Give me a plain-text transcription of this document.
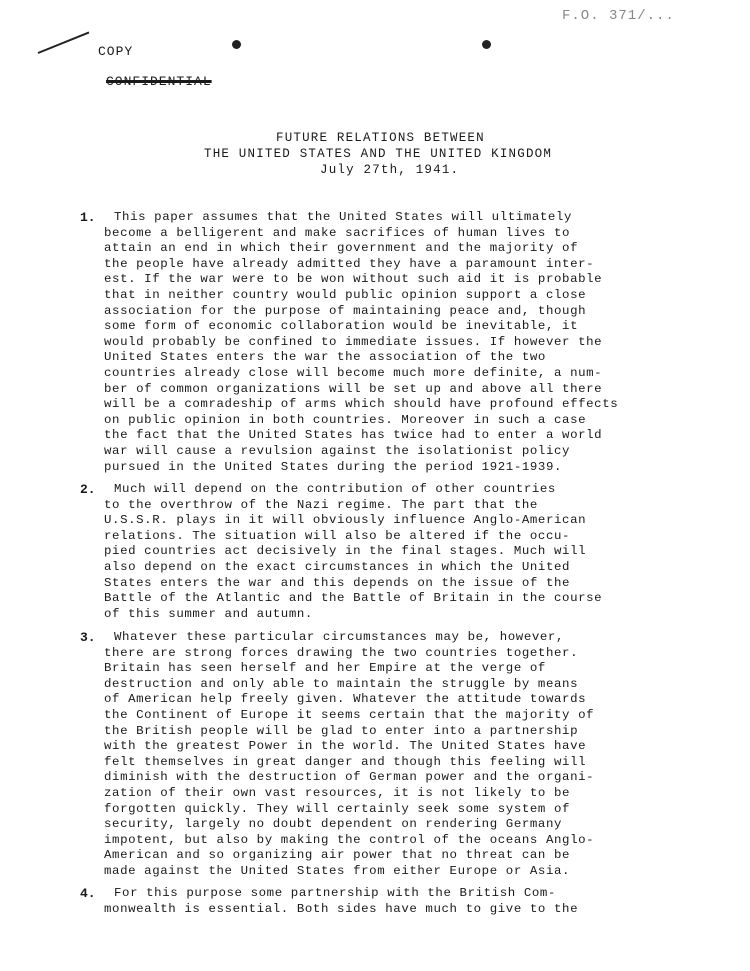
F.O. 371/...
COPY
CONFIDENTIAL
FUTURE RELATIONS BETWEEN
THE UNITED STATES AND THE UNITED KINGDOM
July 27th, 1941.
1. This paper assumes that the United States will ultimately
become a belligerent and make sacrifices of human lives to
attain an end in which their government and the majority of
the people have already admitted they have a paramount inter-
est. If the war were to be won without such aid it is probable
that in neither country would public opinion support a close
association for the purpose of maintaining peace and, though
some form of economic collaboration would be inevitable, it
would probably be confined to immediate issues. If however the
United States enters the war the association of the two
countries already close will become much more definite, a num-
ber of common organizations will be set up and above all there
will be a comradeship of arms which should have profound effects
on public opinion in both countries. Moreover in such a case
the fact that the United States has twice had to enter a world
war will cause a revulsion against the isolationist policy
pursued in the United States during the period 1921-1939.
2. Much will depend on the contribution of other countries
to the overthrow of the Nazi regime. The part that the
U.S.S.R. plays in it will obviously influence Anglo-American
relations. The situation will also be altered if the occu-
pied countries act decisively in the final stages. Much will
also depend on the exact circumstances in which the United
States enters the war and this depends on the issue of the
Battle of the Atlantic and the Battle of Britain in the course
of this summer and autumn.
3. Whatever these particular circumstances may be, however,
there are strong forces drawing the two countries together.
Britain has seen herself and her Empire at the verge of
destruction and only able to maintain the struggle by means
of American help freely given. Whatever the attitude towards
the Continent of Europe it seems certain that the majority of
the British people will be glad to enter into a partnership
with the greatest Power in the world. The United States have
felt themselves in great danger and though this feeling will
diminish with the destruction of German power and the organi-
zation of their own vast resources, it is not likely to be
forgotten quickly. They will certainly seek some system of
security, largely no doubt dependent on rendering Germany
impotent, but also by making the control of the oceans Anglo-
American and so organizing air power that no threat can be
made against the United States from either Europe or Asia.
4. For this purpose some partnership with the British Com-
monwealth is essential. Both sides have much to give to the
